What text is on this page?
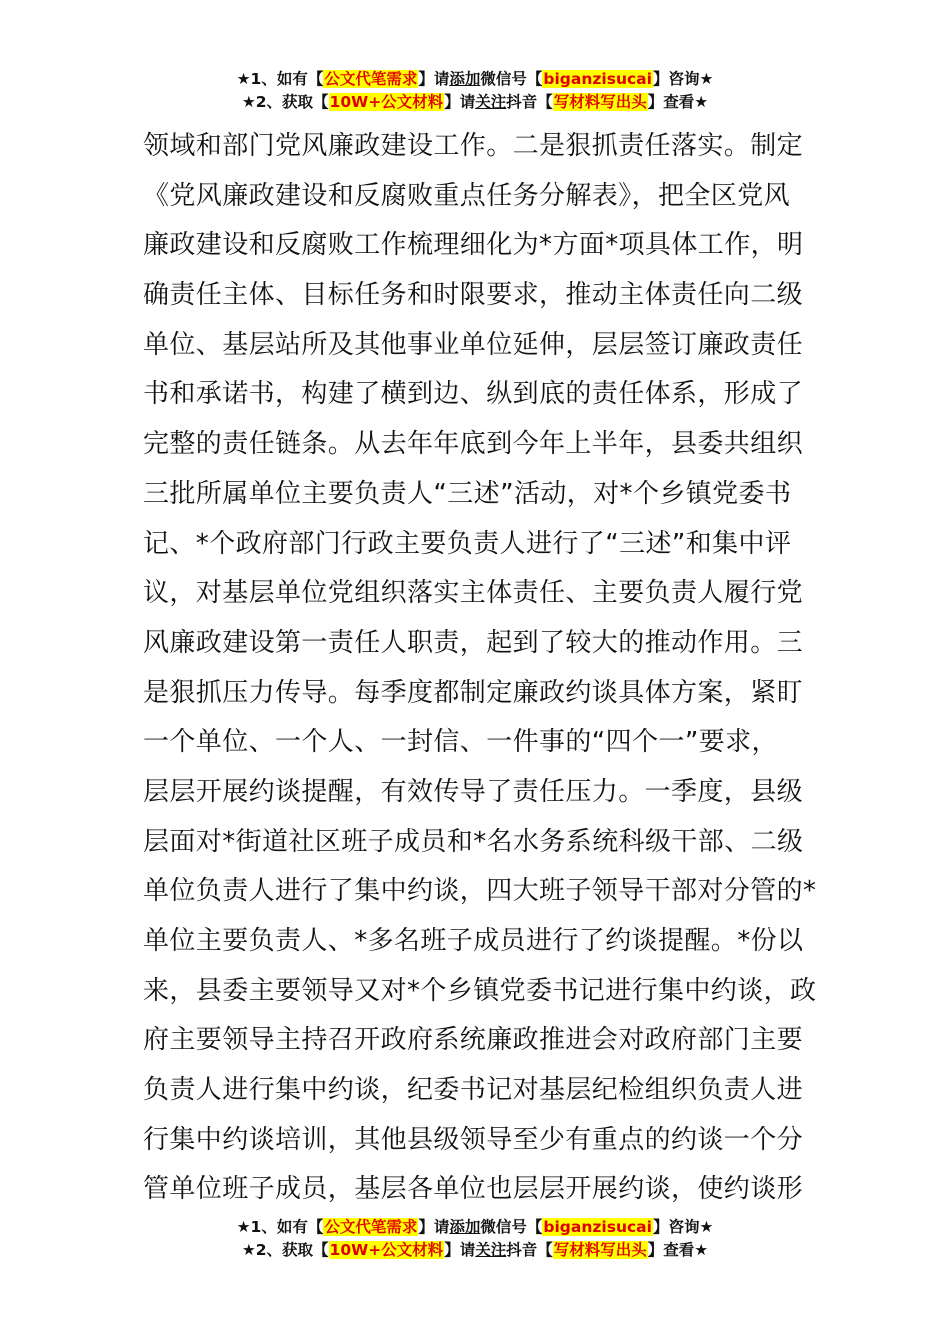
★1、如有【公文代笔需求】请添加微信号【biganzisucai】咨询★
★2、获取【10W+公文材料】请关注抖音【写材料写出头】查看★
领域和部门党风廉政建设工作。二是狠抓责任落实。制定
《党风廉政建设和反腐败重点任务分解表》，把全区党风
廉政建设和反腐败工作梳理细化为*方面*项具体工作，明
确责任主体、目标任务和时限要求，推动主体责任向二级
单位、基层站所及其他事业单位延伸，层层签订廉政责任
书和承诺书，构建了横到边、纵到底的责任体系，形成了
完整的责任链条。从去年年底到今年上半年，县委共组织
三批所属单位主要负责人“三述”活动，对*个乡镇党委书
记、*个政府部门行政主要负责人进行了“三述”和集中评
议，对基层单位党组织落实主体责任、主要负责人履行党
风廉政建设第一责任人职责，起到了较大的推动作用。三
是狠抓压力传导。每季度都制定廉政约谈具体方案，紧盯
一个单位、一个人、一封信、一件事的“四个一”要求，
层层开展约谈提醒，有效传导了责任压力。一季度，县级
层面对*街道社区班子成员和*名水务系统科级干部、二级
单位负责人进行了集中约谈，四大班子领导干部对分管的*
单位主要负责人、*多名班子成员进行了约谈提醒。*份以
来，县委主要领导又对*个乡镇党委书记进行集中约谈，政
府主要领导主持召开政府系统廉政推进会对政府部门主要
负责人进行集中约谈，纪委书记对基层纪检组织负责人进
行集中约谈培训，其他县级领导至少有重点的约谈一个分
管单位班子成员，基层各单位也层层开展约谈，使约谈形
★1、如有【公文代笔需求】请添加微信号【biganzisucai】咨询★
★2、获取【10W+公文材料】请关注抖音【写材料写出头】查看★
